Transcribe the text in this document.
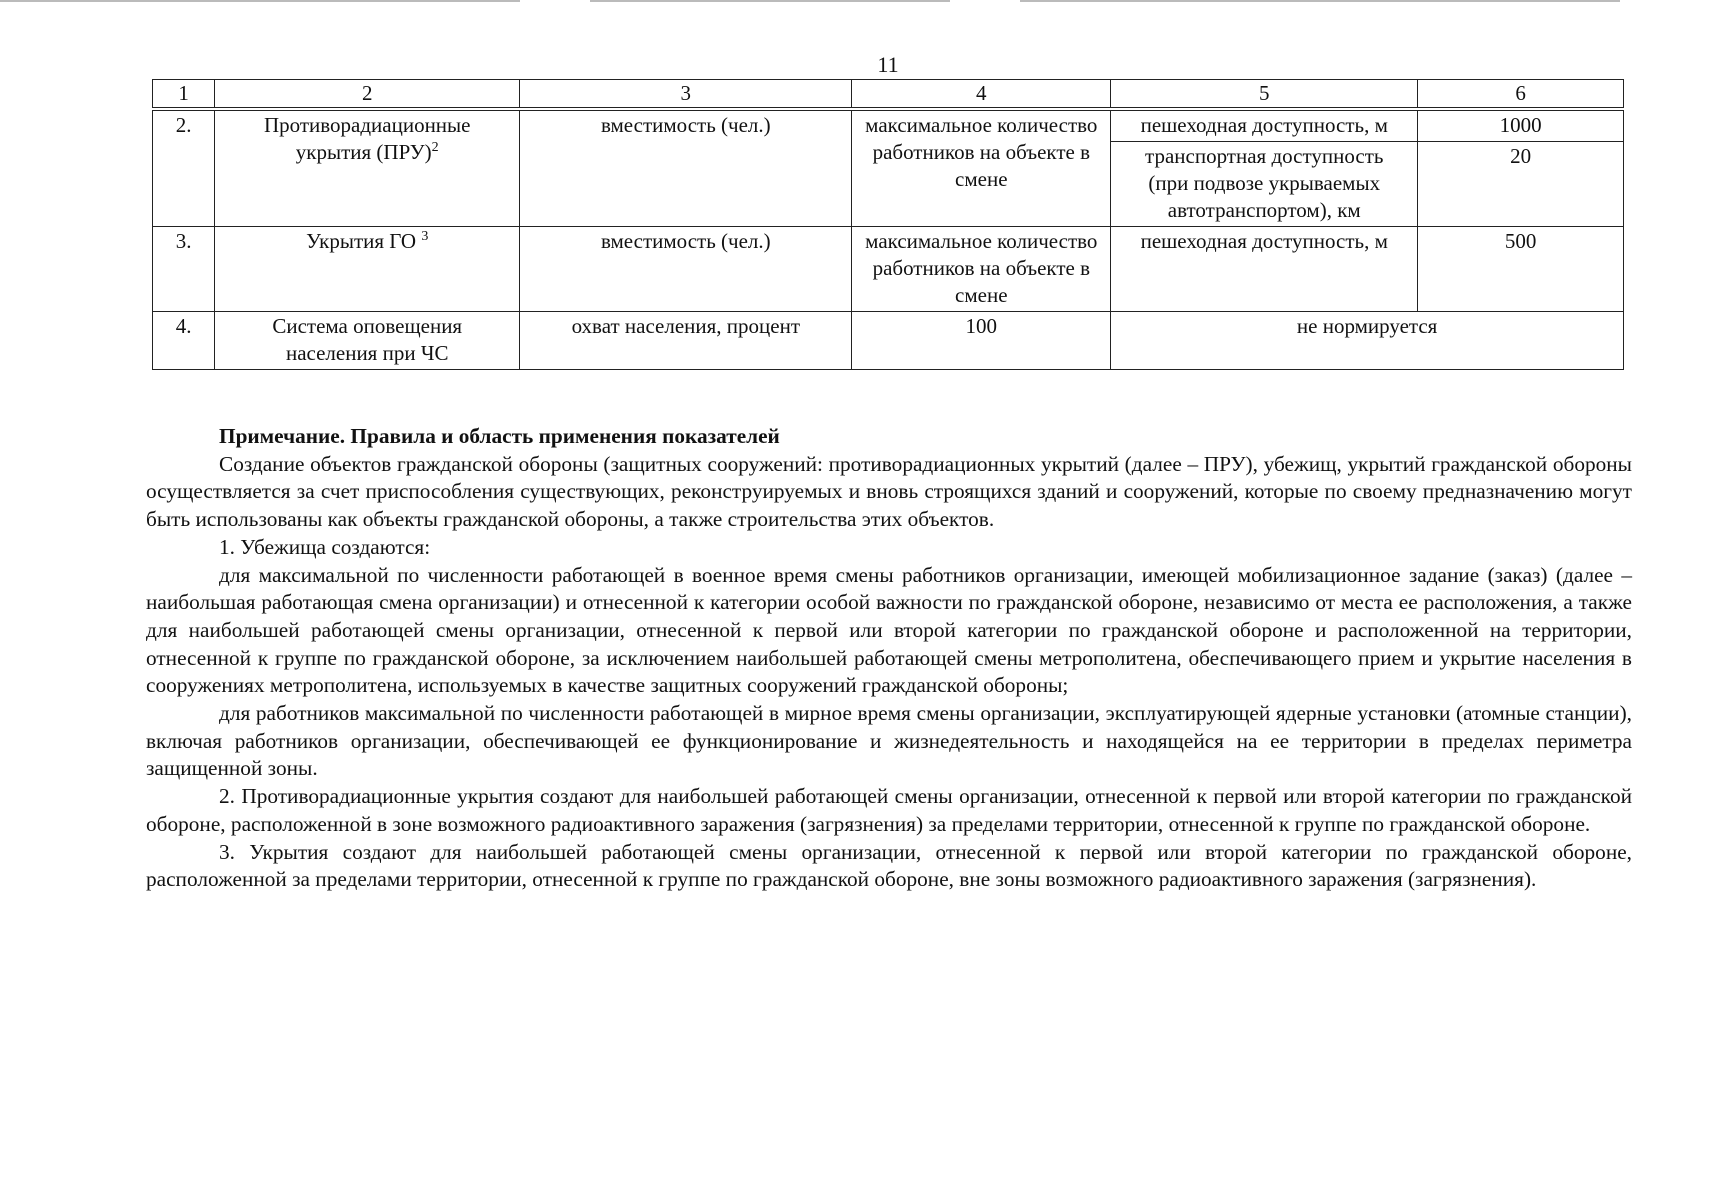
11
1	2	3	4	5	6
2.	Противорадиационные укрытия (ПРУ)$^2$	вместимость (чел.)	максимальное количество работников на объекте в смене	пешеходная доступность, м	1000
				транспортная доступность (при подвозе укрываемых автотранспортом), км	20
3.	Укрытия ГО $^3$	вместимость (чел.)	максимальное количество работников на объекте в смене	пешеходная доступность, м	500
4.	Система оповещения населения при ЧС	охват населения, процент	100	не нормируется	

Примечание. Правила и область применения показателей

Создание объектов гражданской обороны (защитных сооружений: противорадиационных укрытий (далее – ПРУ), убежищ, укрытий гражданской обороны осуществляется за счет приспособления существующих, реконструируемых и вновь строящихся зданий и сооружений, которые по своему предназначению могут быть использованы как объекты гражданской обороны, а также строительства этих объектов.

1. Убежища создаются:

для максимальной по численности работающей в военное время смены работников организации, имеющей мобилизационное задание (заказ) (далее – наибольшая работающая смена организации) и отнесенной к категории особой важности по гражданской обороне, независимо от места ее расположения, а также для наибольшей работающей смены организации, отнесенной к первой или второй категории по гражданской обороне и расположенной на территории, отнесенной к группе по гражданской обороне, за исключением наибольшей работающей смены метрополитена, обеспечивающего прием и укрытие населения в сооружениях метрополитена, используемых в качестве защитных сооружений гражданской обороны;

для работников максимальной по численности работающей в мирное время смены организации, эксплуатирующей ядерные установки (атомные станции), включая работников организации, обеспечивающей ее функционирование и жизнедеятельность и находящейся на ее территории в пределах периметра защищенной зоны.

2. Противорадиационные укрытия создают для наибольшей работающей смены организации, отнесенной к первой или второй категории по гражданской обороне, расположенной в зоне возможного радиоактивного заражения (загрязнения) за пределами территории, отнесенной к группе по гражданской обороне.

3. Укрытия создают для наибольшей работающей смены организации, отнесенной к первой или второй категории по гражданской обороне, расположенной за пределами территории, отнесенной к группе по гражданской обороне, вне зоны возможного радиоактивного заражения (загрязнения).
